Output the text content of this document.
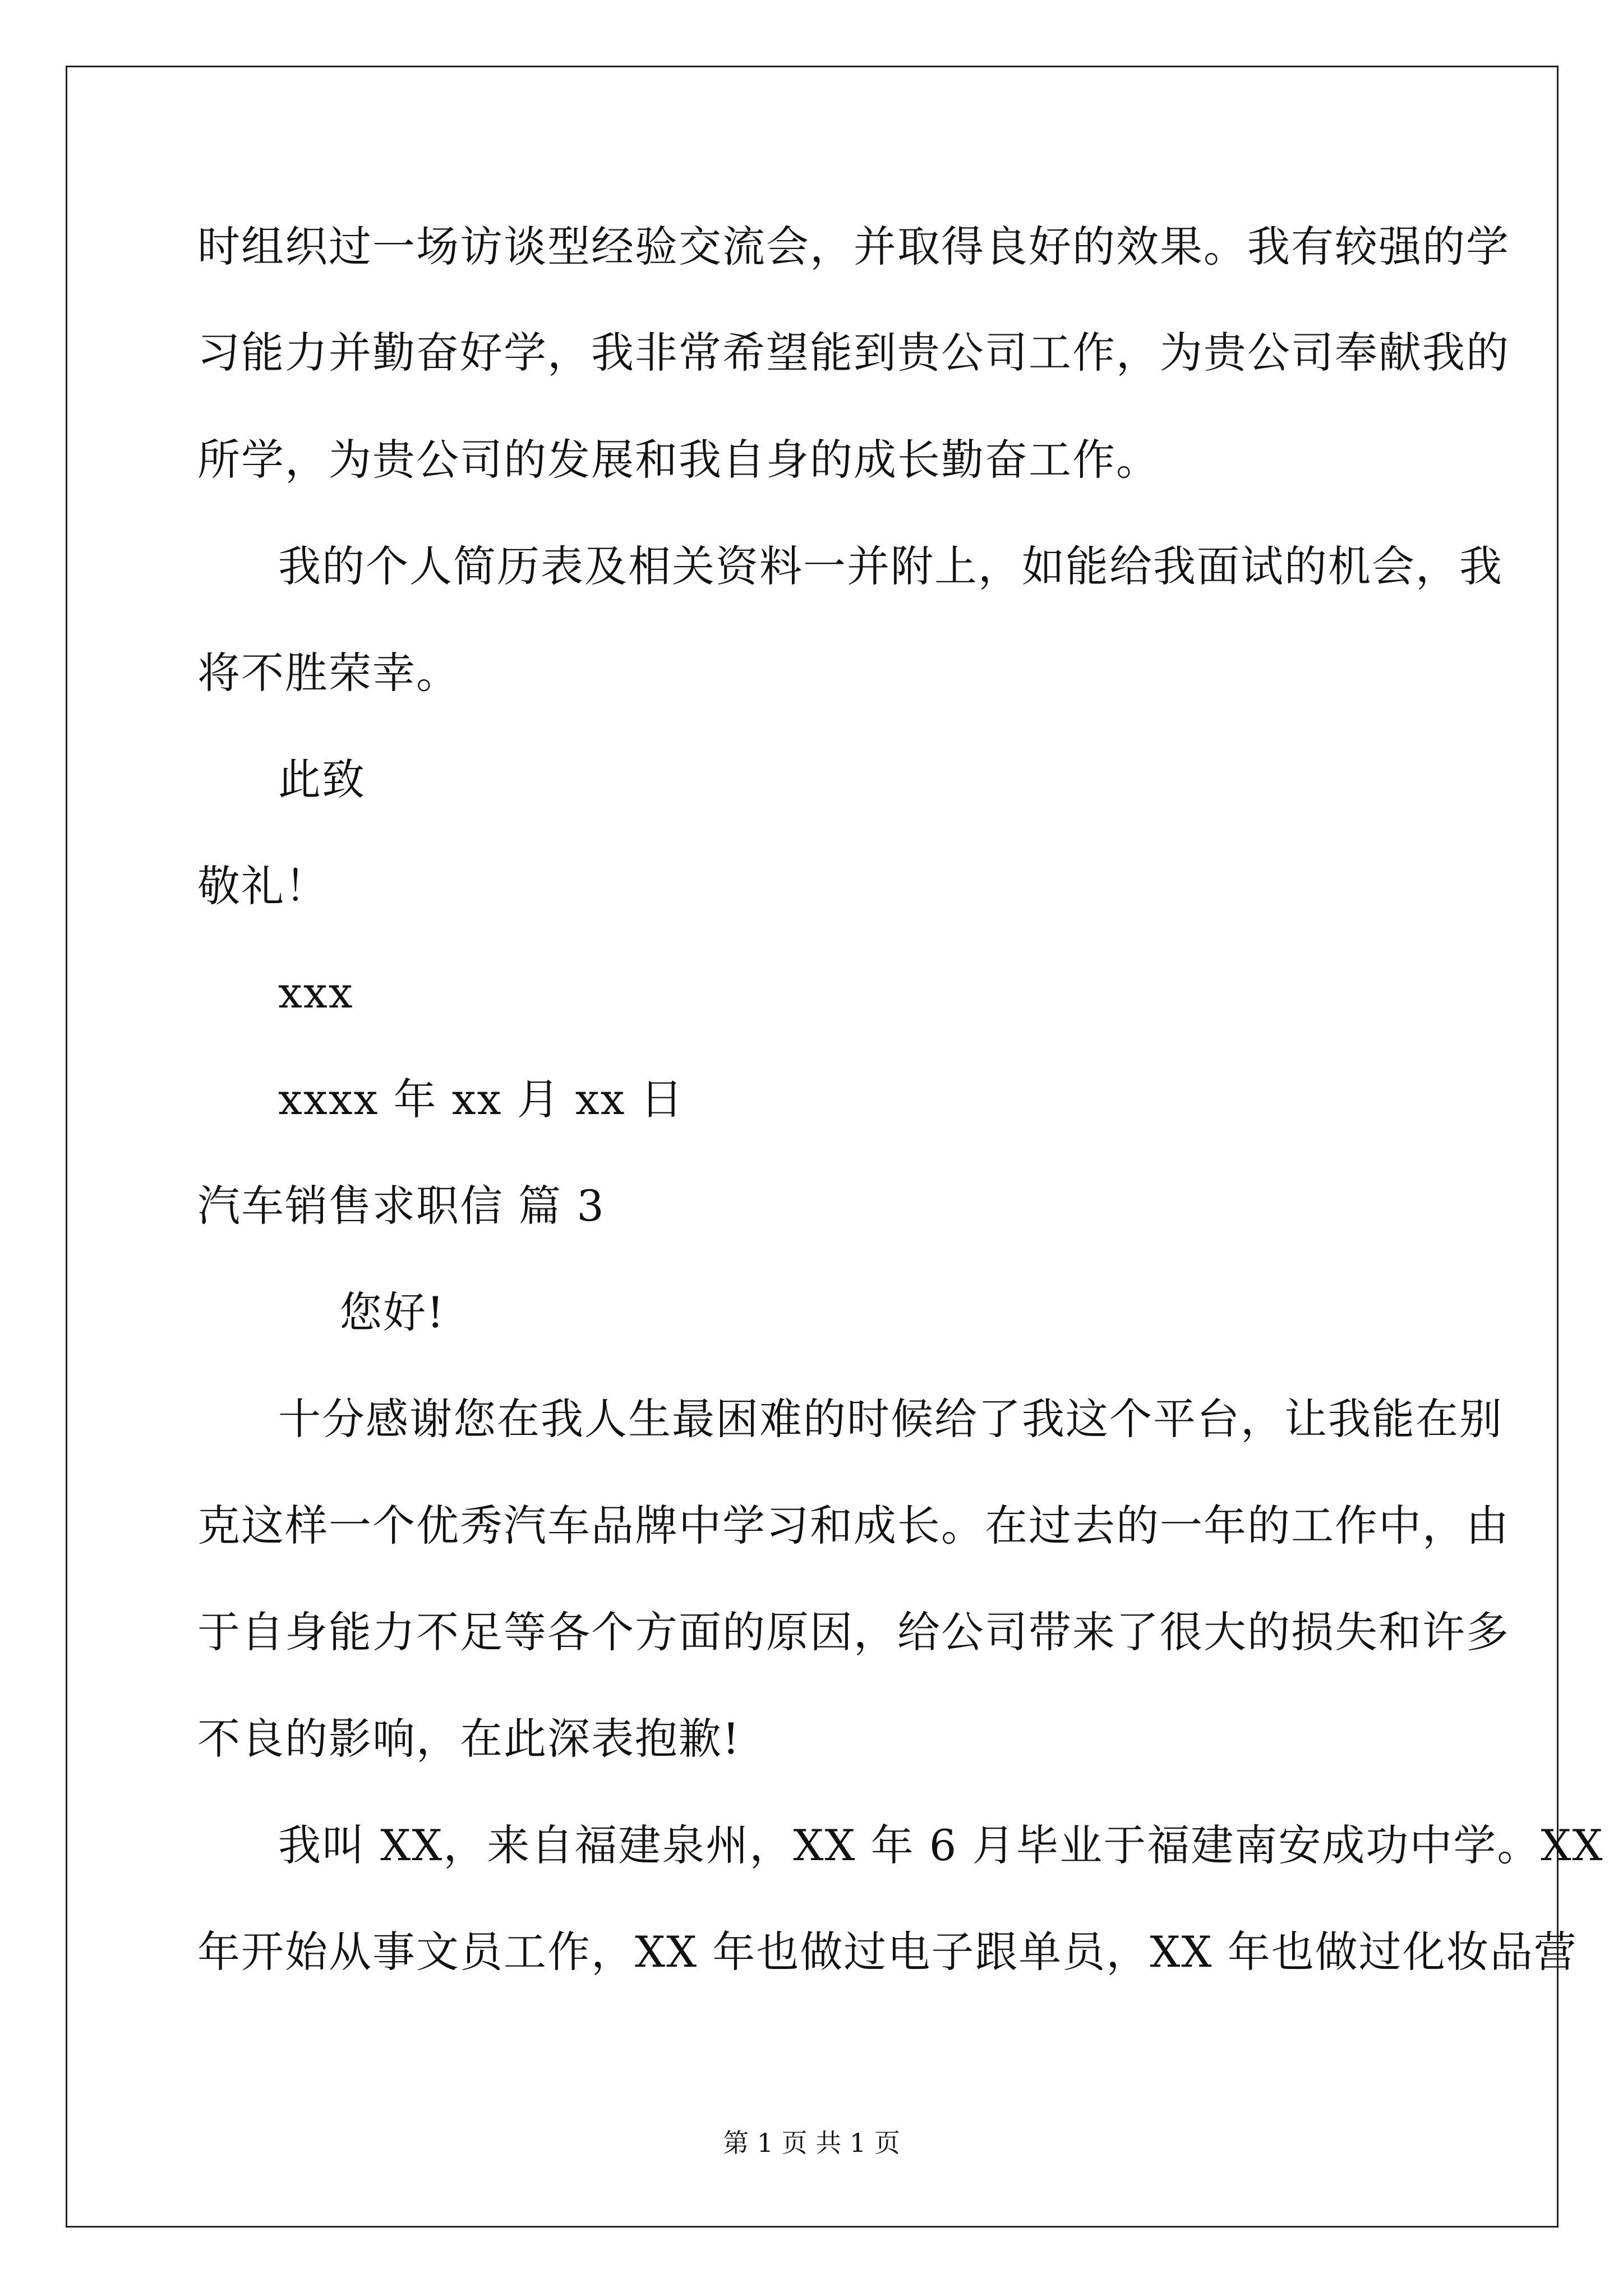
时组织过一场访谈型经验交流会，并取得良好的效果。我有较强的学

习能力并勤奋好学，我非常希望能到贵公司工作，为贵公司奉献我的

所学，为贵公司的发展和我自身的成长勤奋工作。

我的个人简历表及相关资料一并附上，如能给我面试的机会，我

将不胜荣幸。

此致

敬礼！

xxx

xxxx 年 xx 月 xx 日

汽车销售求职信 篇 3

您好!

十分感谢您在我人生最困难的时候给了我这个平台，让我能在别

克这样一个优秀汽车品牌中学习和成长。在过去的一年的工作中，由

于自身能力不足等各个方面的原因，给公司带来了很大的损失和许多

不良的影响，在此深表抱歉!

我叫 XX，来自福建泉州，XX 年 6 月毕业于福建南安成功中学。XX

年开始从事文员工作，XX 年也做过电子跟单员，XX 年也做过化妆品营

第 1 页 共 1 页
